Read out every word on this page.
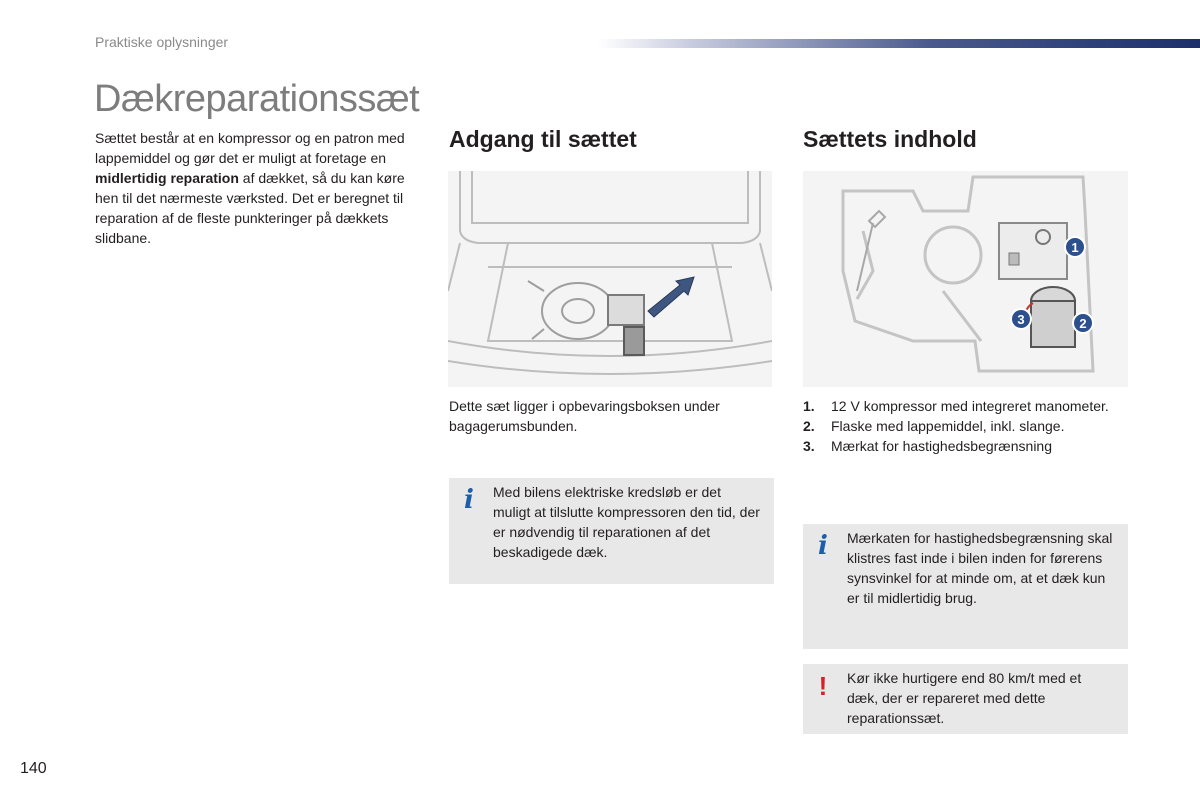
Praktiske oplysninger
Dækreparationssæt

Sættet består at en kompressor og en patron med lappemiddel og gør det er muligt at foretage en midlertidig reparation af dækket, så du kan køre hen til det nærmeste værksted. Det er beregnet til reparation af de fleste punkteringer på dækkets slidbane.

Adgang til sættet

Dette sæt ligger i opbevaringsboksen under bagagerumsbunden.

i Med bilens elektriske kredsløb er det muligt at tilslutte kompressoren den tid, der er nødvendig til reparationen af det beskadigede dæk.

Sættets indhold
1
2
3
1.	12 V kompressor med integreret manometer.
2.	Flaske med lappemiddel, inkl. slange.
3.	Mærkat for hastighedsbegrænsning
i Mærkaten for hastighedsbegrænsning skal klistres fast inde i bilen inden for førerens synsvinkel for at minde om, at et dæk kun er til midlertidig brug.

! Kør ikke hurtigere end 80 km/t med et dæk, der er repareret med dette reparationssæt.

140
